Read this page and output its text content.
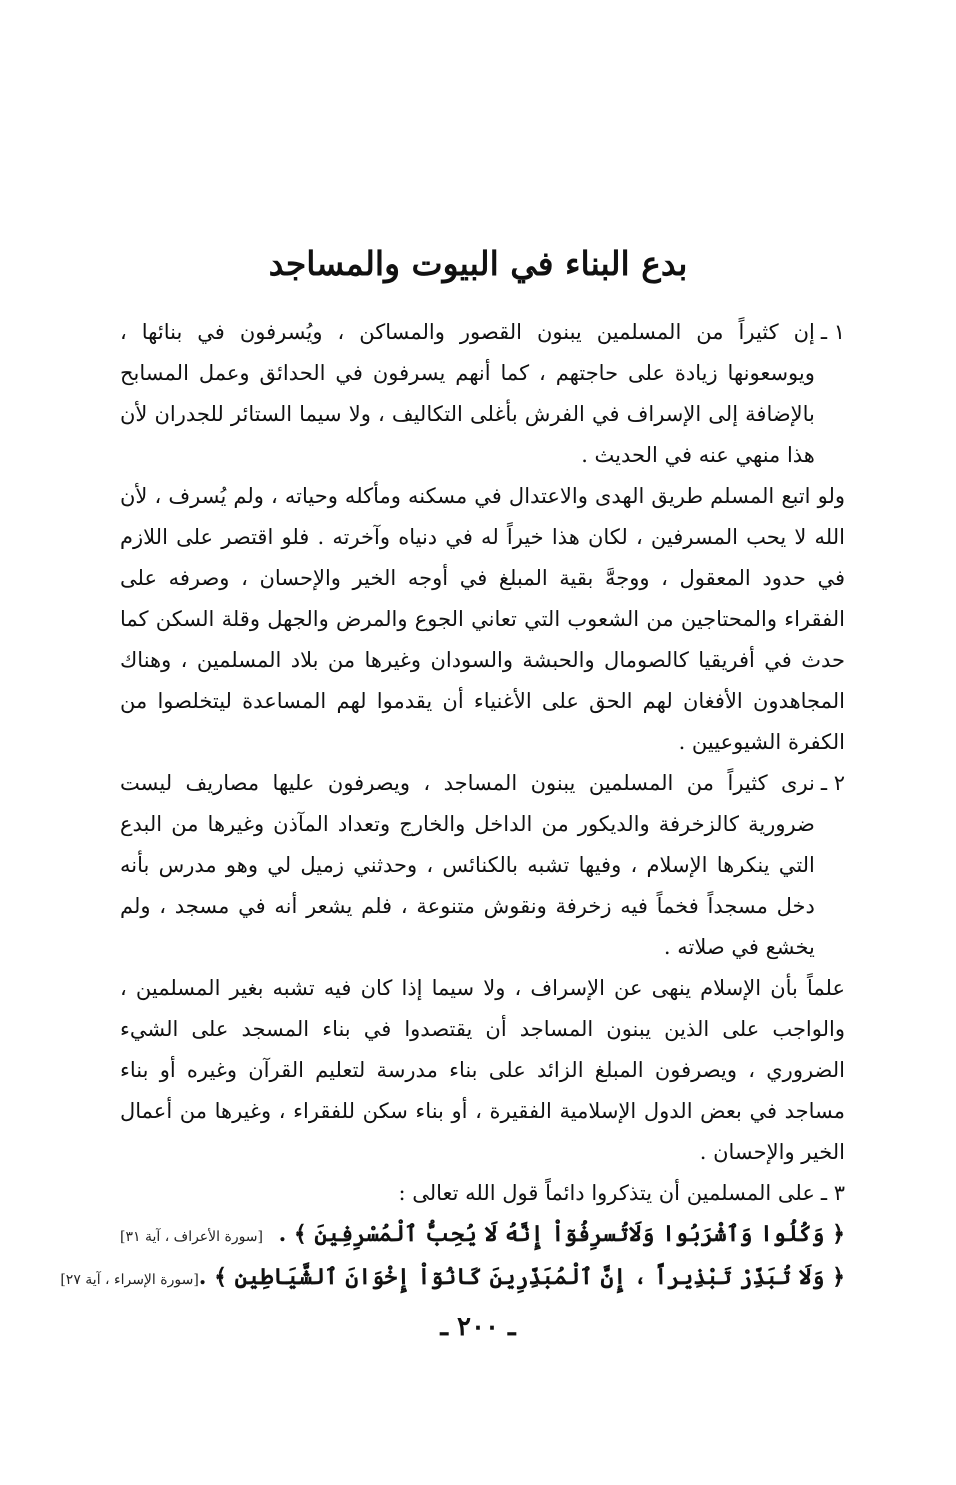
بدع البناء في البيوت والمساجد
١ ـ

إن كثيراً من المسلمين يبنون القصور والمساكن ، ويُسرفون في بنائها ، ويوسعونها زيادة على حاجتهم ، كما أنهم يسرفون في الحدائق وعمل المسابح بالإضافة إلى الإسراف في الفرش بأغلى التكاليف ، ولا سيما الستائر للجدران لأن هذا منهي عنه في الحديث .

ولو اتبع المسلم طريق الهدى والاعتدال في مسكنه ومأكله وحياته ، ولم يُسرف ، لأن الله لا يحب المسرفين ، لكان هذا خيراً له في دنياه وآخرته . فلو اقتصر على اللازم في حدود المعقول ، ووجهَّ بقية المبلغ في أوجه الخير والإحسان ، وصرفه على الفقراء والمحتاجين من الشعوب التي تعاني الجوع والمرض والجهل وقلة السكن كما حدث في أفريقيا كالصومال والحبشة والسودان وغيرها من بلاد المسلمين ، وهناك المجاهدون الأفغان لهم الحق على الأغنياء أن يقدموا لهم المساعدة ليتخلصوا من الكفرة الشيوعيين .

٢ ـ

نرى كثيراً من المسلمين يبنون المساجد ، ويصرفون عليها مصاريف ليست ضرورية كالزخرفة والديكور من الداخل والخارج وتعداد المآذن وغيرها من البدع التي ينكرها الإسلام ، وفيها تشبه بالكنائس ، وحدثني زميل لي وهو مدرس بأنه دخل مسجداً فخماً فيه زخرفة ونقوش متنوعة ، فلم يشعر أنه في مسجد ، ولم يخشع في صلاته .

علماً بأن الإسلام ينهى عن الإسراف ، ولا سيما إذا كان فيه تشبه بغير المسلمين ، والواجب على الذين يبنون المساجد أن يقتصدوا في بناء المسجد على الشيء الضروري ، ويصرفون المبلغ الزائد على بناء مدرسة لتعليم القرآن وغيره أو بناء مساجد في بعض الدول الإسلامية الفقيرة ، أو بناء سكن للفقراء ، وغيرها من أعمال الخير والإحسان .

٣ ـ

على المسلمين أن يتذكروا دائماً قول الله تعالى :

﴿ وَكُلُوا وَٱشْرَبُوا وَلَاتُسرِفُوٓاْ إِنَّهُ لَا يُحِبُّ ٱلْمُسْرِفِينَ ﴾ .
[سورة الأعراف ، آية ٣١]
﴿ وَلَا تُبَذِّرْ تَبْذِيراً ، إِنَّ ٱلْمُبَذِّرِينَ كَانُوٓاْ إِخْوَانَ ٱلشَّيَاطِينِ ﴾ .
[سورة الإسراء ، آية ٢٧]
ـ ٢٠٠ ـ
